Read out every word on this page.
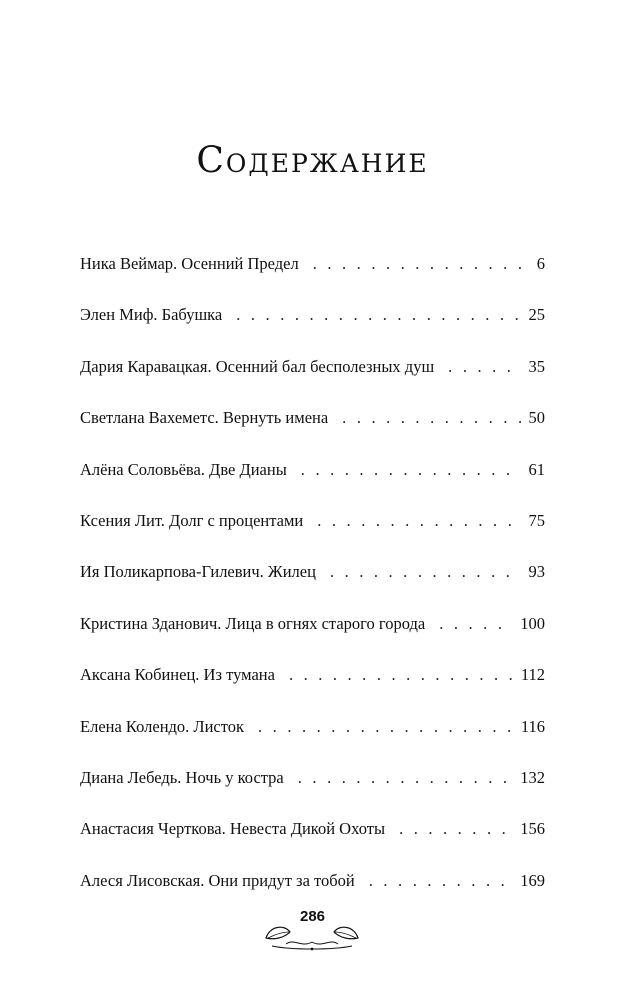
Содержание
Ника Веймар. Осенний Предел . . .	6
Элен Миф. Бабушка . . .	25
Дария Каравацкая. Осенний бал бесполезных душ . . .	35
Светлана Вахеметс. Вернуть имена . . .	50
Алёна Соловьёва. Две Дианы . . .	61
Ксения Лит. Долг с процентами . . .	75
Ия Поликарпова-Гилевич. Жилец . . .	93
Кристина Зданович. Лица в огнях старого города . . .	100
Аксана Кобинец. Из тумана . . .	112
Елена Колендо. Листок . . .	116
Диана Лебедь. Ночь у костра . . .	132
Анастасия Черткова. Невеста Дикой Охоты . . .	156
Алеся Лисовская. Они придут за тобой . . .	169
286
